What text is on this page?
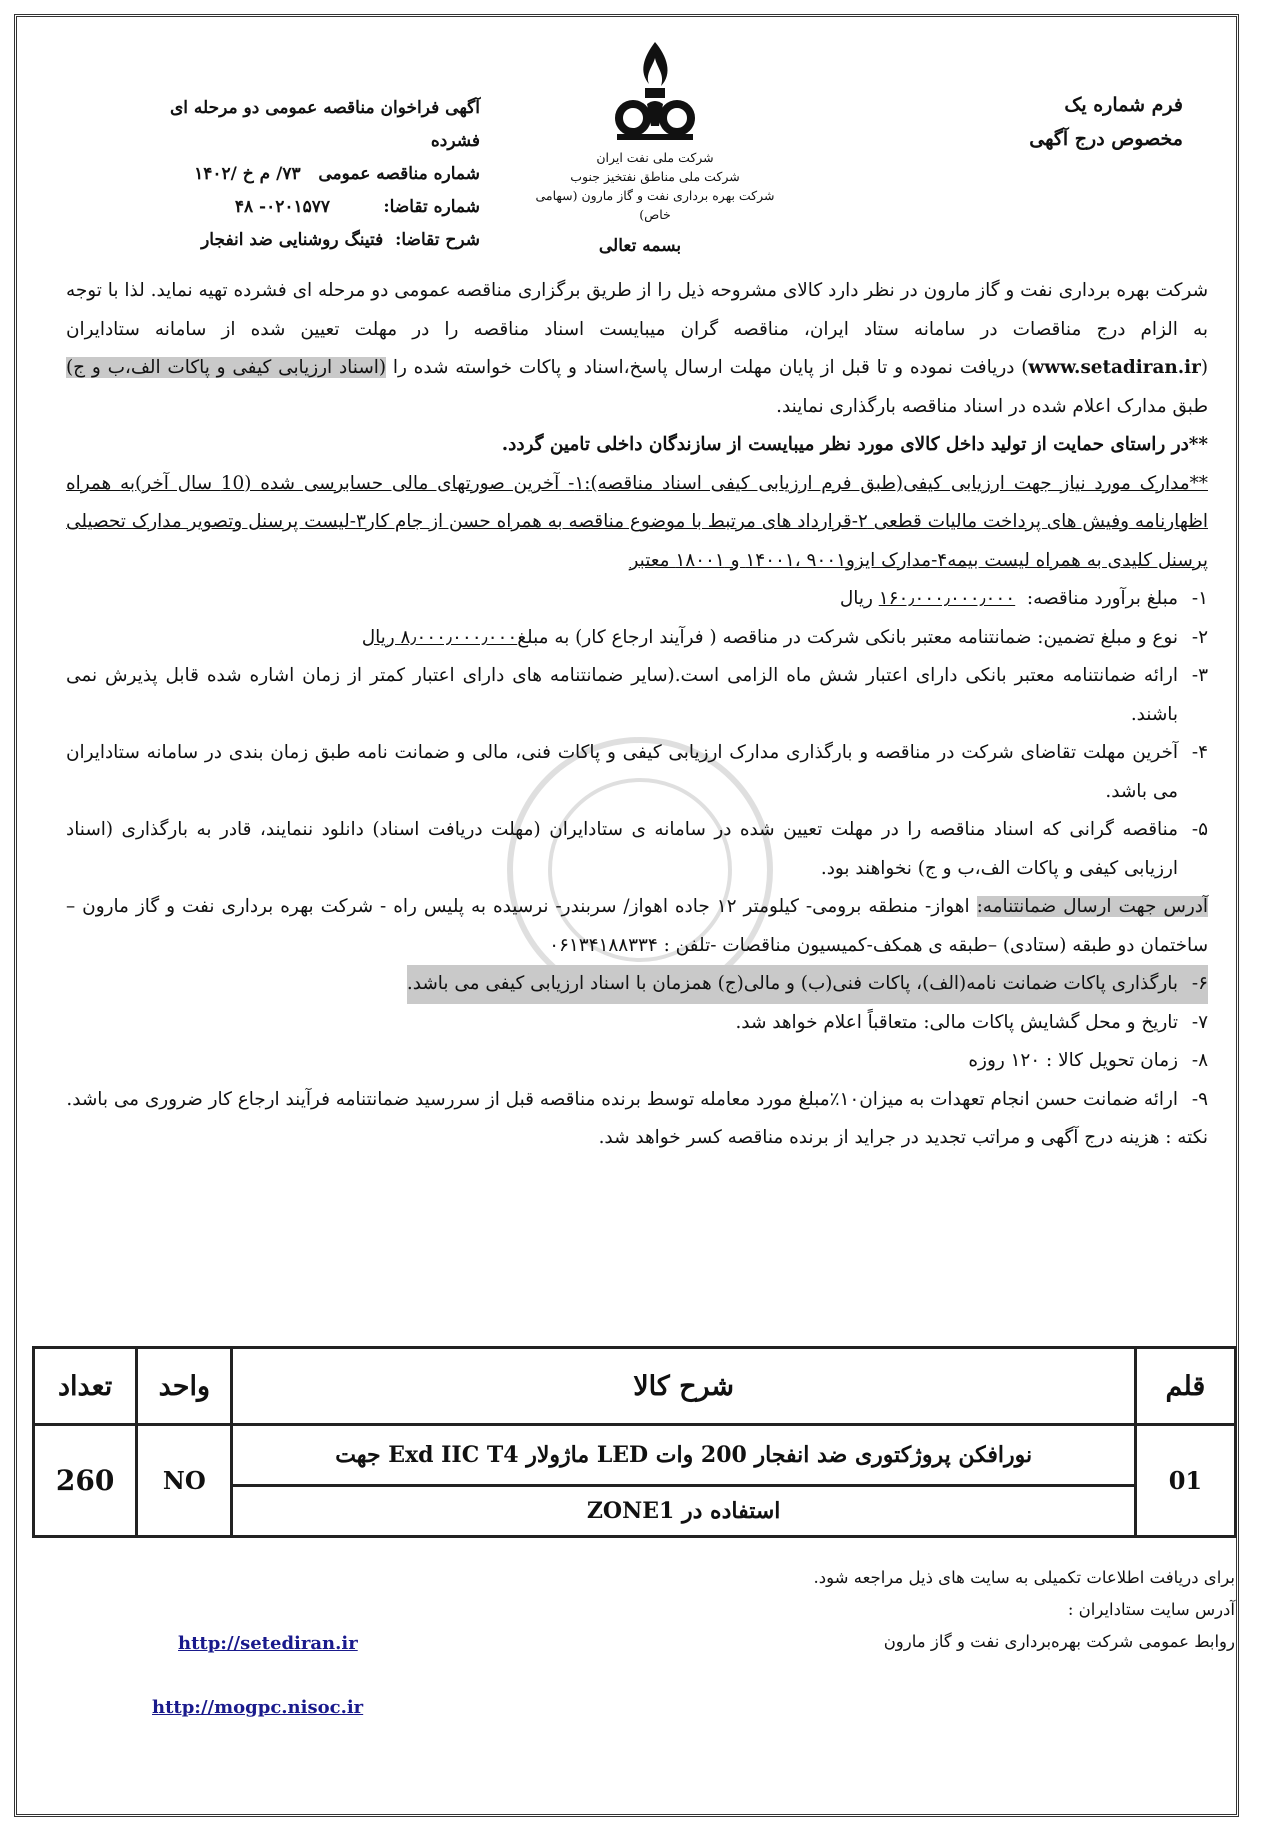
فرم شماره یک
مخصوص درج آگهی
شرکت ملی نفت ایران
شرکت ملی مناطق نفتخیز جنوب
شرکت بهره برداری نفت و گاز مارون (سهامی خاص)
آگهی فراخوان مناقصه عمومی دو مرحله ای فشرده
شماره مناقصه عمومی   ۷۳/ م خ /۱۴۰۲
شماره تقاضا:         ۰۲۰۱۵۷۷- ۴۸
شرح تقاضا:  فتینگ روشنایی ضد انفجار	بسمه تعالی

شرکت بهره برداری نفت و گاز مارون در نظر دارد کالای مشروحه ذیل را از طریق برگزاری مناقصه عمومی دو مرحله ای فشرده تهیه نماید. لذا با توجه به الزام درج مناقصات در سامانه ستاد ایران، مناقصه گران میبایست اسناد مناقصه را در مهلت تعیین شده از سامانه ستادایران (www.setadiran.ir) دریافت نموده و تا قبل از پایان مهلت ارسال پاسخ،اسناد و پاکات خواسته شده را (اسناد ارزیابی کیفی و پاکات الف،ب و ج) طبق مدارک اعلام شده در اسناد مناقصه بارگذاری نمایند.

**در راستای حمایت از تولید داخل کالای مورد نظر میبایست از سازندگان داخلی تامین گردد.

**مدارک مورد نیاز جهت ارزیابی کیفی(طبق فرم ارزیابی کیفی اسناد مناقصه):۱- آخرین صورتهای مالی حسابرسی شده (10 سال آخر)به همراه اظهارنامه وفیش های پرداخت مالیات قطعی ۲-قرارداد های مرتبط با موضوع مناقصه به همراه حسن از جام کار۳-لیست پرسنل وتصویر مدارک تحصیلی پرسنل کلیدی به همراه لیست بیمه۴-مدارک ایزو۹۰۰۱ ،۱۴۰۰۱ و ۱۸۰۰۱ معتبر

۱-
مبلغ برآورد مناقصه:  ۱۶۰٫۰۰۰٫۰۰۰٫۰۰۰ ریال
۲-
نوع و مبلغ تضمین: ضمانتنامه معتبر بانکی شرکت در مناقصه ( فرآیند ارجاع کار) به مبلغ۸٫۰۰۰٫۰۰۰٫۰۰۰ ریال
۳-
ارائه ضمانتنامه معتبر بانکی دارای اعتبار شش ماه الزامی است.(سایر ضمانتنامه های دارای اعتبار کمتر از زمان اشاره شده قابل پذیرش نمی باشند.
۴-
آخرین مهلت تقاضای شرکت در مناقصه و بارگذاری مدارک ارزیابی کیفی و پاکات فنی، مالی و ضمانت نامه طبق زمان بندی در سامانه ستادایران می باشد.
۵-
مناقصه گرانی که اسناد مناقصه را در مهلت تعیین شده در سامانه ی ستادایران (مهلت دریافت اسناد) دانلود ننمایند، قادر به بارگذاری (اسناد ارزیابی کیفی و پاکات الف،ب و ج) نخواهند بود.

آدرس جهت ارسال ضمانتنامه: اهواز- منطقه برومی- کیلومتر ۱۲ جاده اهواز/ سربندر- نرسیده به پلیس راه - شرکت بهره برداری نفت و گاز مارون –ساختمان دو طبقه (ستادی) –طبقه ی همکف-کمیسیون مناقصات -تلفن : ۰۶۱۳۴۱۸۸۳۳۴

۶-
بارگذاری پاکات ضمانت نامه(الف)، پاکات فنی(ب) و مالی(ج) همزمان با اسناد ارزیابی کیفی می باشد.
۷-
تاریخ و محل گشایش پاکات مالی: متعاقباً اعلام خواهد شد.
۸-
زمان تحویل کالا : ۱۲۰ روزه
۹-
ارائه ضمانت حسن انجام تعهدات به میزان۱۰٪مبلغ مورد معامله توسط برنده مناقصه قبل از سررسید ضمانتنامه فرآیند ارجاع کار ضروری می باشد.

نکته : هزینه درج آگهی و مراتب تجدید در جراید از برنده مناقصه کسر خواهد شد.

تعداد	واحد	شرح کالا	قلم
260	NO	نورافکن پروژکتوری ضد انفجار 200 وات LED ماژولار Exd IIC T4 جهت	01
		استفاده در ZONE1	
برای دریافت اطلاعات تکمیلی به سایت های ذیل مراجعه شود.
آدرس سایت ستادایران :
روابط عمومی شرکت بهره‌برداری نفت و گاز مارون
http://setediran.ir
http://mogpc.nisoc.ir
